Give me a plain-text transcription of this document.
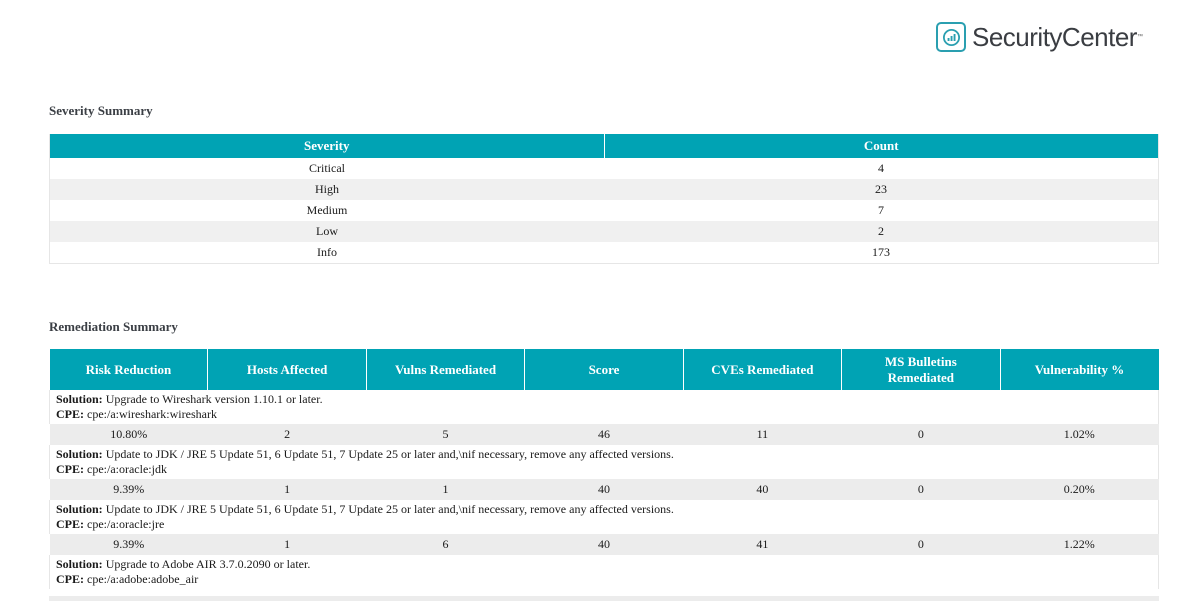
SecurityCenter ™
Severity Summary
Severity	Count
Critical	4
High	23
Medium	7
Low	2
Info	173
Remediation Summary
Risk Reduction	Hosts Affected	Vulns Remediated	Score	CVEs Remediated	MS Bulletins Remediated	Vulnerability %
Solution: Upgrade to Wireshark version 1.10.1 or later.
CPE: cpe:/a:wireshark:wireshark						
10.80%	2	5	46	11	0	1.02%
Solution: Update to JDK / JRE 5 Update 51, 6 Update 51, 7 Update 25 or later and,\nif necessary, remove any affected versions.
CPE: cpe:/a:oracle:jdk						
9.39%	1	1	40	40	0	0.20%
Solution: Update to JDK / JRE 5 Update 51, 6 Update 51, 7 Update 25 or later and,\nif necessary, remove any affected versions.
CPE: cpe:/a:oracle:jre						
9.39%	1	6	40	41	0	1.22%
Solution: Upgrade to Adobe AIR 3.7.0.2090 or later.
CPE: cpe:/a:adobe:adobe_air						
